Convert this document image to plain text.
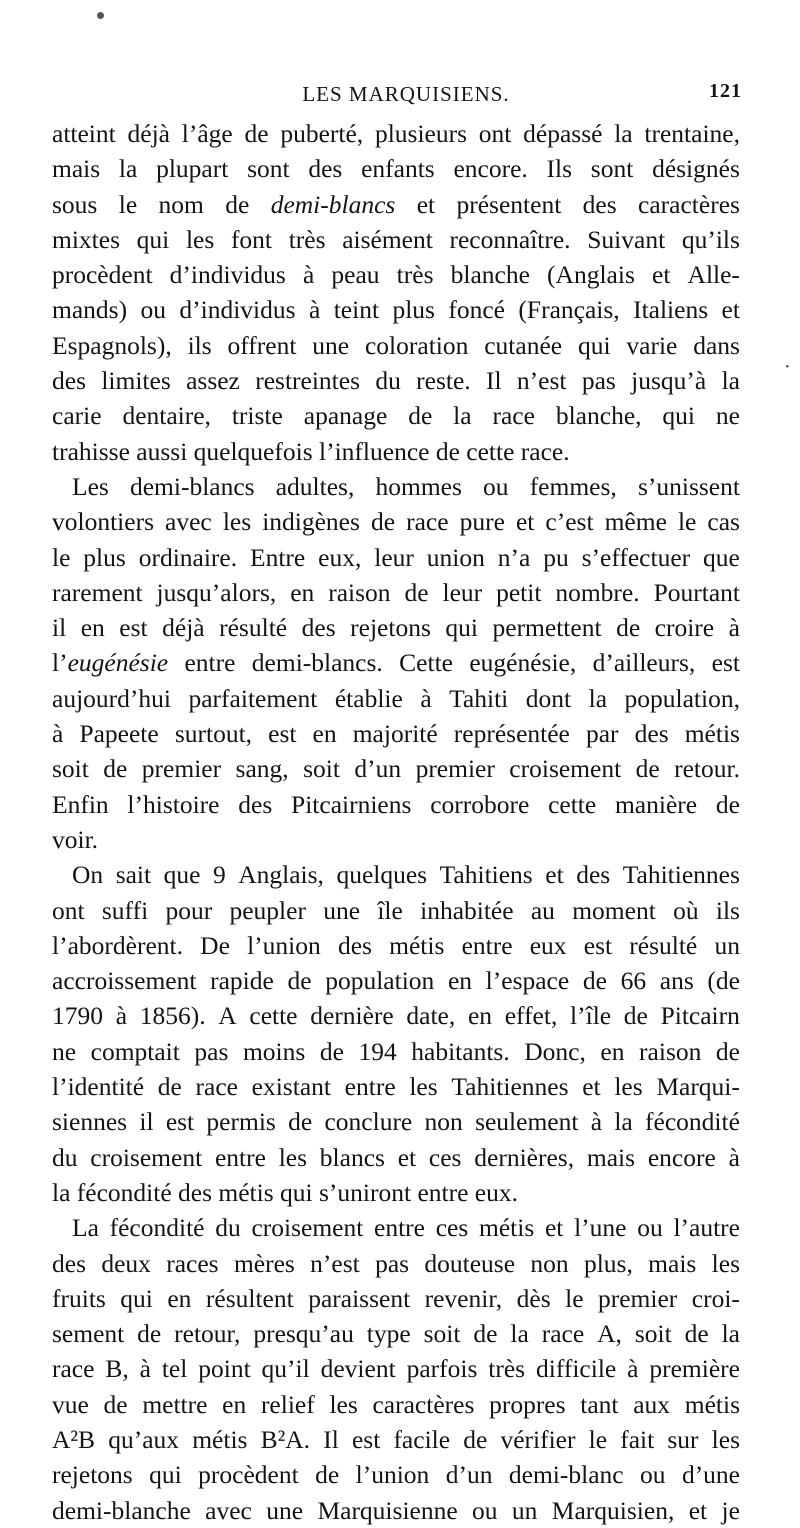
LES MARQUISIENS.	121
·
atteint déjà l’âge de puberté, plusieurs ont dépassé la trentaine,
mais la plupart sont des enfants encore. Ils sont désignés
sous le nom de demi-blancs et présentent des caractères
mixtes qui les font très aisément reconnaître. Suivant qu’ils
procèdent d’individus à peau très blanche (Anglais et Alle-
mands) ou d’individus à teint plus foncé (Français, Italiens et
Espagnols), ils offrent une coloration cutanée qui varie dans
des limites assez restreintes du reste. Il n’est pas jusqu’à la
carie dentaire, triste apanage de la race blanche, qui ne
trahisse
aussi
quelquefois
l’influence
de
cette
race.
Les demi-blancs adultes, hommes ou femmes, s’unissent
volontiers avec les indigènes de race pure et c’est même le cas
le plus ordinaire. Entre eux, leur union n’a pu s’effectuer que
rarement jusqu’alors, en raison de leur petit nombre. Pourtant
il en est déjà résulté des rejetons qui permettent de croire à
l’eugénésie entre demi-blancs. Cette eugénésie, d’ailleurs, est
aujourd’hui parfaitement établie à Tahiti dont la population,
à Papeete surtout, est en majorité représentée par des métis
soit de premier sang, soit d’un premier croisement de retour.
Enfin l’histoire des Pitcairniens corrobore cette manière de
voir.
On sait que 9 Anglais, quelques Tahitiens et des Tahitiennes
ont suffi pour peupler une île inhabitée au moment où ils
l’abordèrent. De l’union des métis entre eux est résulté un
accroissement rapide de population en l’espace de 66 ans (de
1790 à 1856). A cette dernière date, en effet, l’île de Pitcairn
ne comptait pas moins de 194 habitants. Donc, en raison de
l’identité de race existant entre les Tahitiennes et les Marqui-
siennes il est permis de conclure non seulement à la fécondité
du croisement entre les blancs et ces dernières, mais encore à
la
fécondité
des
métis
qui
s’uniront
entre
eux.
La fécondité du croisement entre ces métis et l’une ou l’autre
des deux races mères n’est pas douteuse non plus, mais les
fruits qui en résultent paraissent revenir, dès le premier croi-
sement de retour, presqu’au type soit de la race A, soit de la
race B, à tel point qu’il devient parfois très difficile à première
vue de mettre en relief les caractères propres tant aux métis
A²B qu’aux métis B²A. Il est facile de vérifier le fait sur les
rejetons qui procèdent de l’union d’un demi-blanc ou d’une
demi-blanche avec une Marquisienne ou un Marquisien, et je
